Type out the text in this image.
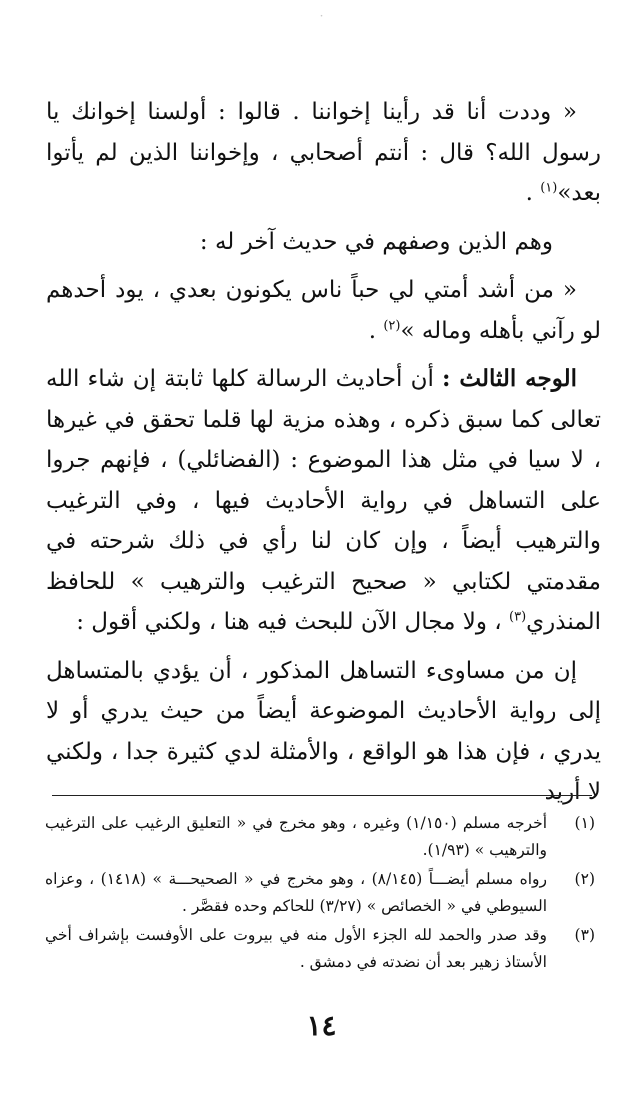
·

« وددت أنا قد رأينا إخواننا . قالوا : أولسنا إخوانك يا رسول الله؟ قال : أنتم أصحابي ، وإخواننا الذين لم يأتوا بعد»$^{(١)}$ .

وهم الذين وصفهم في حديث آخر له :

« من أشد أمتي لي حباً ناس يكونون بعدي ، يود أحدهم لو رآني بأهله وماله »$^{(٢)}$ .

الوجه الثالث : أن أحاديث الرسالة كلها ثابتة إن شاء الله تعالى كما سبق ذكره ، وهذه مزية لها قلما تحقق في غيرها ، لا سيا في مثل هذا الموضوع : (الفضائلي) ، فإنهم جروا على التساهل في رواية الأحاديث فيها ، وفي الترغيب والترهيب أيضاً ، وإن كان لنا رأي في ذلك شرحته في مقدمتي لكتابي « صحيح الترغيب والترهيب » للحافظ المنذري$^{(٣)}$ ، ولا مجال الآن للبحث فيه هنا ، ولكني أقول :

إن من مساوىء التساهل المذكور ، أن يؤدي بالمتساهل إلى رواية الأحاديث الموضوعة أيضاً من حيث يدري أو لا يدري ، فإن هذا هو الواقع ، والأمثلة لدي كثيرة جدا ، ولكني لا أريد

(١)
أخرجه مسلم (١/١٥٠) وغيره ، وهو مخرج في « التعليق الرغيب على الترغيب والترهيب » (١/٩٣).
(٢)
رواه مسلم أيضـــاً (٨/١٤٥) ، وهو مخرج في « الصحيحـــة » (١٤١٨) ، وعزاه السيوطي في « الخصائص » (٣/٢٧) للحاكم وحده فقصَّر .
(٣)
وقد صدر والحمد لله الجزء الأول منه في بيروت على الأوفست بإشراف أخي الأستاذ زهير بعد أن نضدته في دمشق .
١٤
